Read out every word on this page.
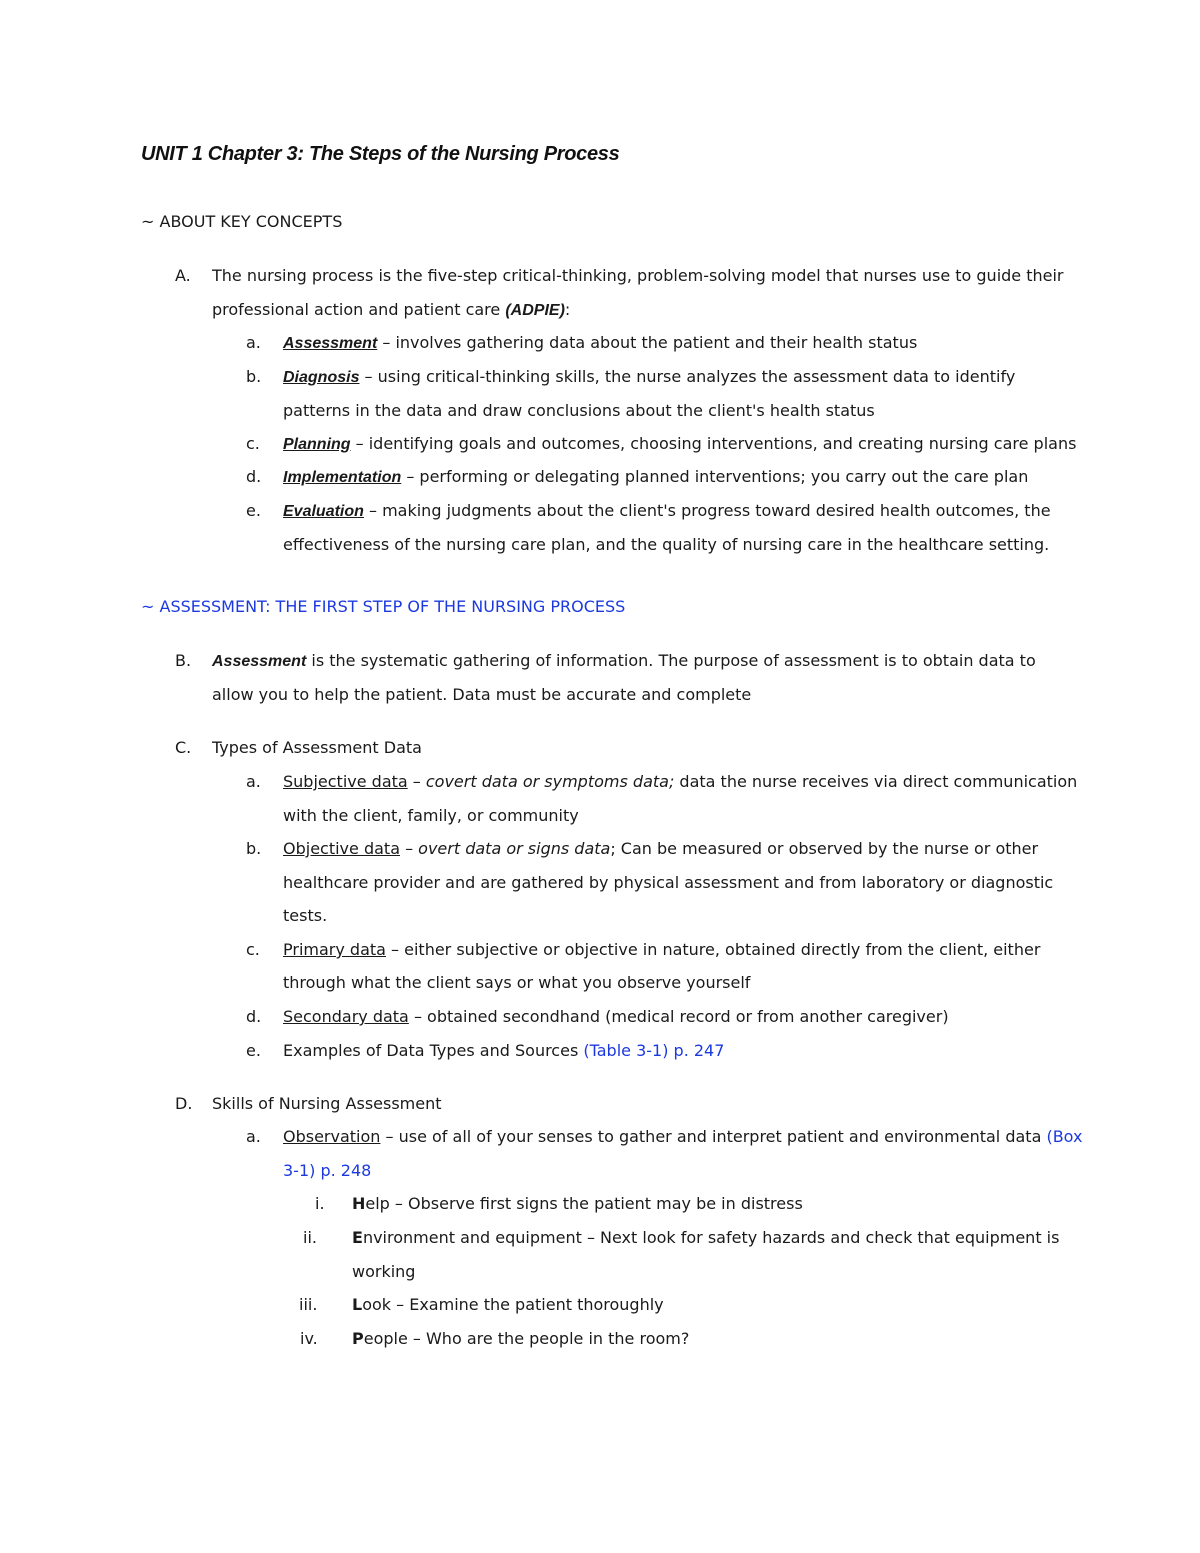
UNIT 1 Chapter 3: The Steps of the Nursing Process
~ ABOUT KEY CONCEPTS
A. The nursing process is the five-step critical-thinking, problem-solving model that nurses use to guide their
professional action and patient care (ADPIE):
a. Assessment – involves gathering data about the patient and their health status
b. Diagnosis – using critical-thinking skills, the nurse analyzes the assessment data to identify
patterns in the data and draw conclusions about the client's health status
c. Planning – identifying goals and outcomes, choosing interventions, and creating nursing care plans
d. Implementation – performing or delegating planned interventions; you carry out the care plan
e. Evaluation – making judgments about the client's progress toward desired health outcomes, the
effectiveness of the nursing care plan, and the quality of nursing care in the healthcare setting.
~ ASSESSMENT: THE FIRST STEP OF THE NURSING PROCESS
B. Assessment is the systematic gathering of information. The purpose of assessment is to obtain data to
allow you to help the patient. Data must be accurate and complete
C. Types of Assessment Data
a. Subjective data – covert data or symptoms data; data the nurse receives via direct communication
with the client, family, or community
b. Objective data – overt data or signs data; Can be measured or observed by the nurse or other
healthcare provider and are gathered by physical assessment and from laboratory or diagnostic
tests.
c. Primary data – either subjective or objective in nature, obtained directly from the client, either
through what the client says or what you observe yourself
d. Secondary data – obtained secondhand (medical record or from another caregiver)
e. Examples of Data Types and Sources (Table 3-1) p. 247
D. Skills of Nursing Assessment
a. Observation – use of all of your senses to gather and interpret patient and environmental data (Box
3-1) p. 248
i. Help – Observe first signs the patient may be in distress
ii. Environment and equipment – Next look for safety hazards and check that equipment is
working
iii. Look – Examine the patient thoroughly
iv. People – Who are the people in the room?
